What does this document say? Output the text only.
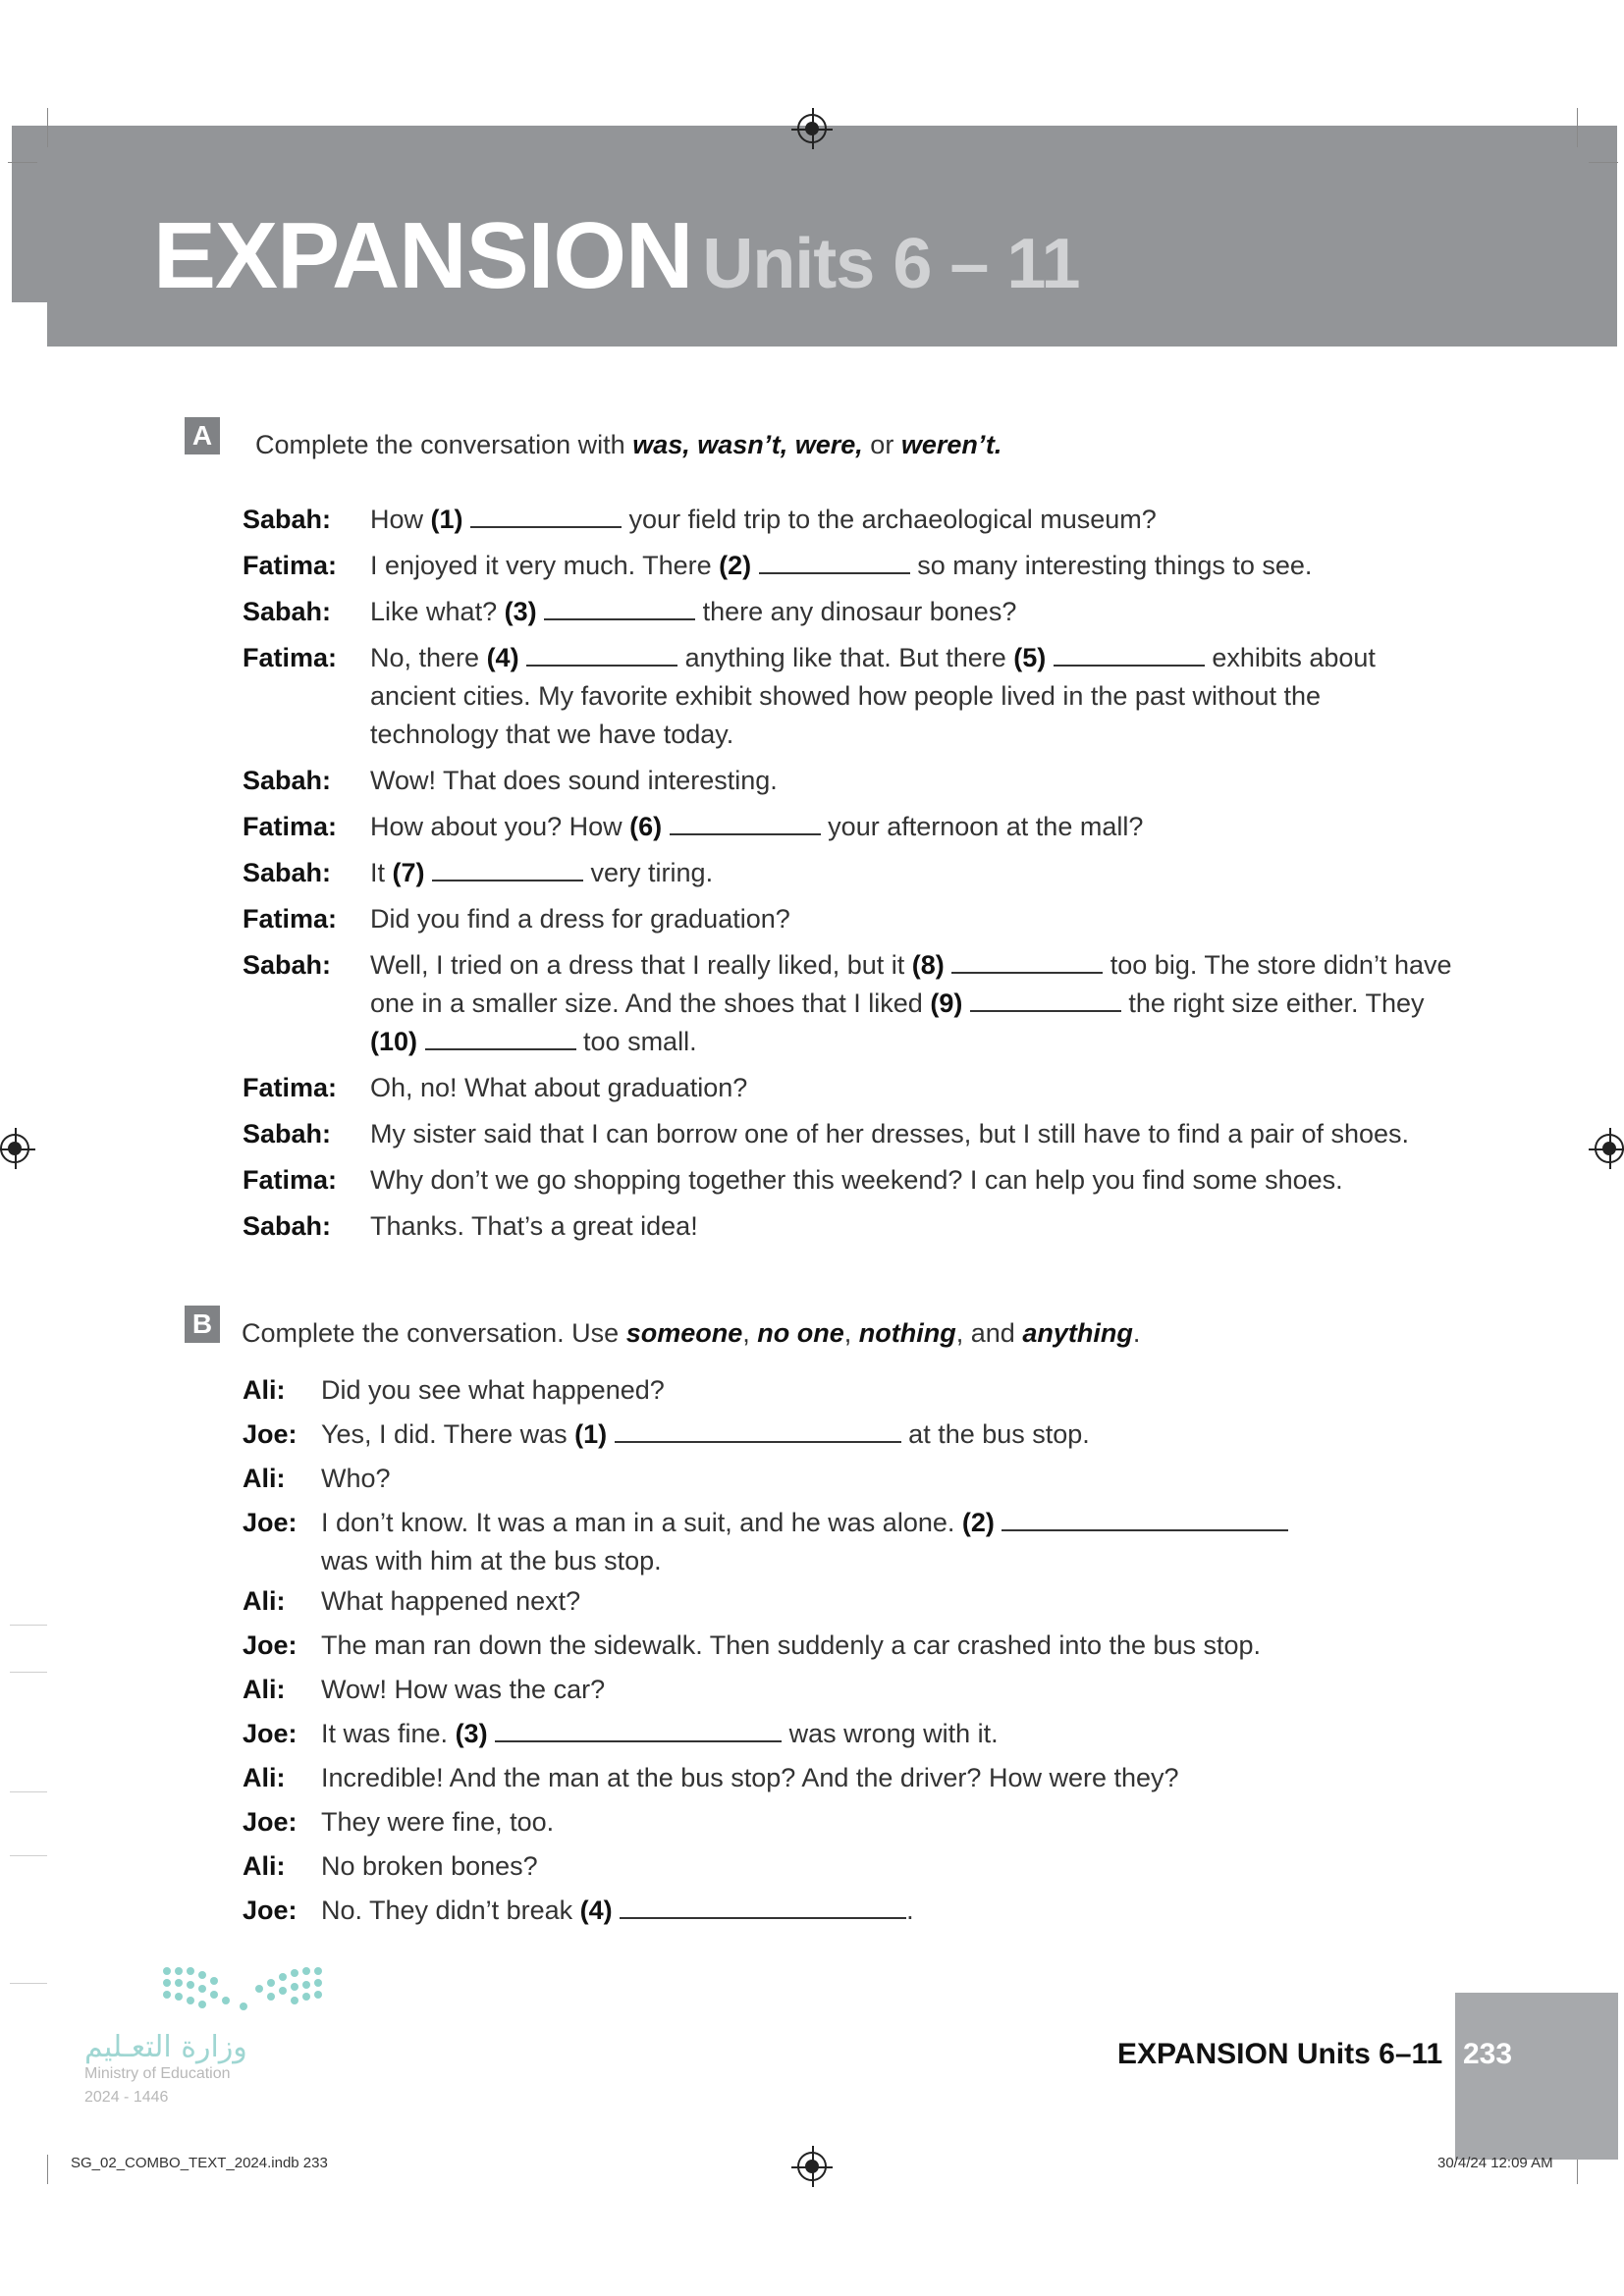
EXPANSION Units 6 – 11
A Complete the conversation with was, wasn’t, were, or weren’t.
Sabah: How (1)	your field trip to the archaeological museum?
Fatima: I enjoyed it very much. There (2)	so many interesting things to see.
Sabah: Like what? (3)	there any dinosaur bones?
Fatima: No, there (4)	anything like that. But there (5)	exhibits about
ancient cities. My favorite exhibit showed how people lived in the past without the
technology that we have today.
Sabah: Wow! That does sound interesting.
Fatima: How about you? How (6)	your afternoon at the mall?
Sabah: It (7)	very tiring.
Fatima: Did you find a dress for graduation?
Sabah: Well, I tried on a dress that I really liked, but it (8)	too big. The store didn’t have
one in a smaller size. And the shoes that I liked (9)	the right size either. They
(10)	too small.
Fatima: Oh, no! What about graduation?
Sabah: My sister said that I can borrow one of her dresses, but I still have to find a pair of shoes.
Fatima: Why don’t we go shopping together this weekend? I can help you find some shoes.
Sabah: Thanks. That’s a great idea!
B Complete the conversation. Use someone, no one, nothing, and anything.
Ali: Did you see what happened?
Joe: Yes, I did. There was (1)	at the bus stop.
Ali: Who?
Joe: I don’t know. It was a man in a suit, and he was alone. (2)
was with him at the bus stop.
Ali: What happened next?
Joe: The man ran down the sidewalk. Then suddenly a car crashed into the bus stop.
Ali: Wow! How was the car?
Joe: It was fine. (3)	was wrong with it.
Ali: Incredible! And the man at the bus stop? And the driver? How were they?
Joe: They were fine, too.
Ali: No broken bones?
Joe: No. They didn’t break (4)	.
وزارة التعـليم
Ministry of Education
2024 - 1446
EXPANSION Units 6–11 233
SG_02_COMBO_TEXT_2024.indb 233	30/4/24 12:09 AM
